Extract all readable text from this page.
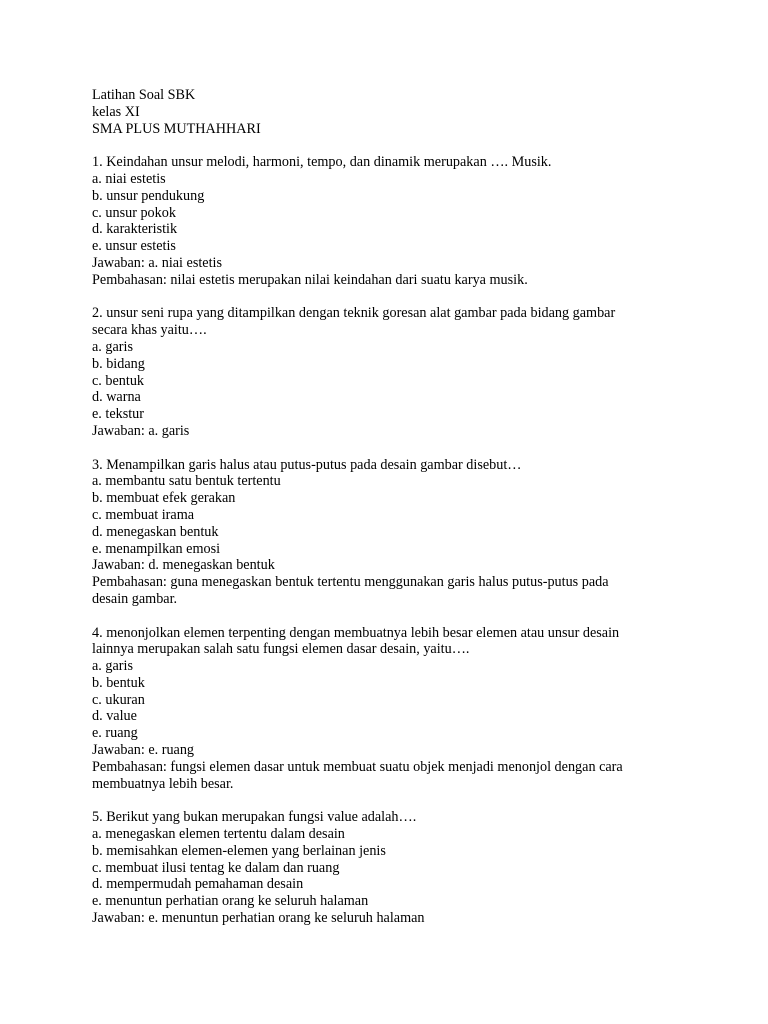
Latihan Soal SBK
kelas XI
SMA PLUS MUTHAHHARI
1. Keindahan unsur melodi, harmoni, tempo, dan dinamik merupakan …. Musik.
a. niai estetis
b. unsur pendukung
c. unsur pokok
d. karakteristik
e. unsur estetis
Jawaban: a. niai estetis
Pembahasan: nilai estetis merupakan nilai keindahan dari suatu karya musik.
2. unsur seni rupa yang ditampilkan dengan teknik goresan alat gambar pada bidang gambar
secara khas yaitu….
a. garis
b. bidang
c. bentuk
d. warna
e. tekstur
Jawaban: a. garis
3. Menampilkan garis halus atau putus-putus pada desain gambar disebut…
a. membantu satu bentuk tertentu
b. membuat efek gerakan
c. membuat irama
d. menegaskan bentuk
e. menampilkan emosi
Jawaban: d. menegaskan bentuk
Pembahasan: guna menegaskan bentuk tertentu menggunakan garis halus putus-putus pada
desain gambar.
4. menonjolkan elemen terpenting dengan membuatnya lebih besar elemen atau unsur desain
lainnya merupakan salah satu fungsi elemen dasar desain, yaitu….
a. garis
b. bentuk
c. ukuran
d. value
e. ruang
Jawaban: e. ruang
Pembahasan: fungsi elemen dasar untuk membuat suatu objek menjadi menonjol dengan cara
membuatnya lebih besar.
5. Berikut yang bukan merupakan fungsi value adalah….
a. menegaskan elemen tertentu dalam desain
b. memisahkan elemen-elemen yang berlainan jenis
c. membuat ilusi tentag ke dalam dan ruang
d. mempermudah pemahaman desain
e. menuntun perhatian orang ke seluruh halaman
Jawaban: e. menuntun perhatian orang ke seluruh halaman
